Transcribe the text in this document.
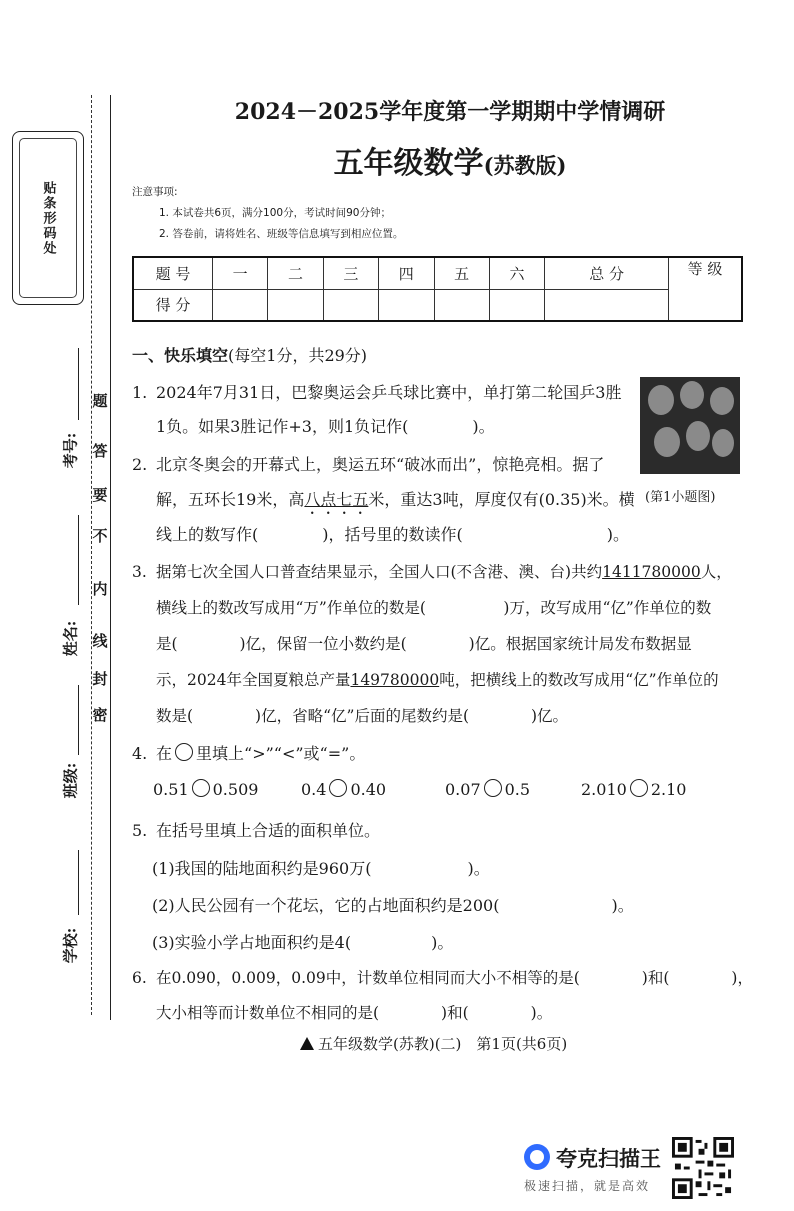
贴条形码处
题
答
要
不
内
线
封
密
考号:
姓名:
班级:
学校:
2024－2025学年度第一学期期中学情调研
五年级数学(苏教版)
注意事项:
1. 本试卷共6页，满分100分，考试时间90分钟；
2. 答卷前，请将姓名、班级等信息填写到相应位置。
题 号	一	二	三	四	五	六	总 分	等 级
得 分								
一、快乐填空(每空1分，共29分)
1. 2024年7月31日，巴黎奥运会乒乓球比赛中，单打第二轮国乒3胜
1负。如果3胜记作+3，则1负记作(　　　　)。
2. 北京冬奥会的开幕式上，奥运五环“破冰而出”，惊艳亮相。据了
解，五环长19米，高八点七五米，重达3吨，厚度仅有(0.35)米。横 (第1小题图)
线上的数写作(　　　　)，括号里的数读作(　　　　　　　　　)。
3. 据第七次全国人口普查结果显示，全国人口(不含港、澳、台)共约1411780000人，
横线上的数改写成用“万”作单位的数是(　　　　　)万，改写成用“亿”作单位的数
是(　　　　)亿，保留一位小数约是(　　　　)亿。根据国家统计局发布数据显
示，2024年全国夏粮总产量149780000吨，把横线上的数改写成用“亿”作单位的
数是(　　　　)亿，省略“亿”后面的尾数约是(　　　　)亿。
4. 在 里填上“>”“<”或“=”。
0.51 0.509	0.4 0.40	0.07 0.5	2.010 2.10
5. 在括号里填上合适的面积单位。
(1)我国的陆地面积约是960万(　　　　　　)。
(2)人民公园有一个花坛，它的占地面积约是200(　　　　　　　)。
(3)实验小学占地面积约是4(　　　　　)。
6. 在0.090，0.009，0.09中，计数单位相同而大小不相等的是(　　　　)和(　　　　)，
大小相等而计数单位不相同的是(　　　　)和(　　　　)。
五年级数学(苏教)(二)　第1页(共6页)
夸克扫描王
极速扫描，就是高效
